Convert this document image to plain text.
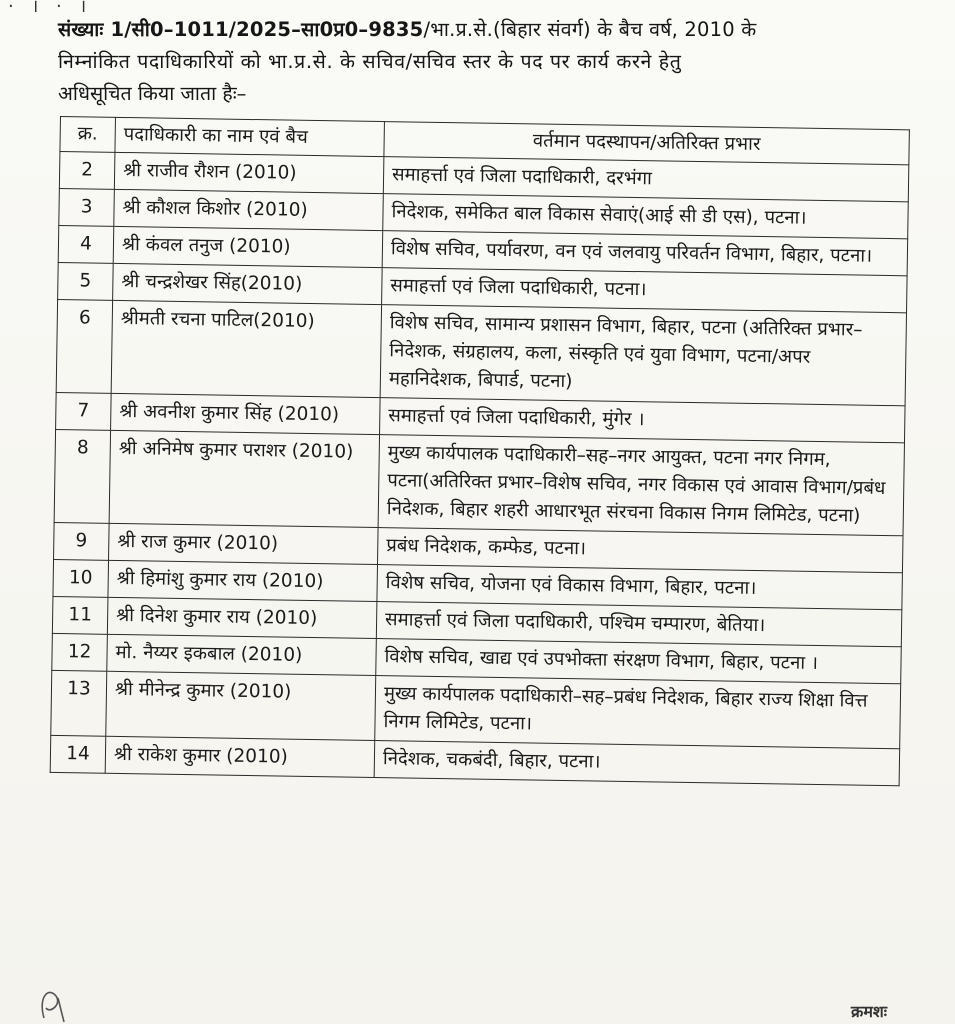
· । · ।
संख्याः 1/सी0–1011/2025–सा0प्र0–9835/भा.प्र.से.(बिहार संवर्ग) के बैच वर्ष, 2010 के
निम्नांकित पदाधिकारियों को भा.प्र.से. के सचिव/सचिव स्तर के पद पर कार्य करने हेतु
अधिसूचित किया जाता हैः–
क्र.	पदाधिकारी का नाम एवं बैच	वर्तमान पदस्थापन/अतिरिक्त प्रभार
2	श्री राजीव रौशन (2010)	समाहर्त्ता एवं जिला पदाधिकारी, दरभंगा
3	श्री कौशल किशोर (2010)	निदेशक, समेकित बाल विकास सेवाएं(आई सी डी एस), पटना।
4	श्री कंवल तनुज (2010)	विशेष सचिव, पर्यावरण, वन एवं जलवायु परिवर्तन विभाग, बिहार, पटना।
5	श्री चन्द्रशेखर सिंह(2010)	समाहर्त्ता एवं जिला पदाधिकारी, पटना।
6	श्रीमती रचना पाटिल(2010)	विशेष सचिव, सामान्य प्रशासन विभाग, बिहार, पटना (अतिरिक्त प्रभार–निदेशक, संग्रहालय, कला, संस्कृति एवं युवा विभाग, पटना/अपर महानिदेशक, बिपार्ड, पटना)
7	श्री अवनीश कुमार सिंह (2010)	समाहर्त्ता एवं जिला पदाधिकारी, मुंगेर ।
8	श्री अनिमेष कुमार पराशर (2010)	मुख्य कार्यपालक पदाधिकारी–सह–नगर आयुक्त, पटना नगर निगम, पटना(अतिरिक्त प्रभार–विशेष सचिव, नगर विकास एवं आवास विभाग/प्रबंध निदेशक, बिहार शहरी आधारभूत संरचना विकास निगम लिमिटेड, पटना)
9	श्री राज कुमार (2010)	प्रबंध निदेशक, कम्फेड, पटना।
10	श्री हिमांशु कुमार राय (2010)	विशेष सचिव, योजना एवं विकास विभाग, बिहार, पटना।
11	श्री दिनेश कुमार राय (2010)	समाहर्त्ता एवं जिला पदाधिकारी, पश्चिम चम्पारण, बेतिया।
12	मो. नैय्यर इकबाल (2010)	विशेष सचिव, खाद्य एवं उपभोक्ता संरक्षण विभाग, बिहार, पटना ।
13	श्री मीनेन्द्र कुमार (2010)	मुख्य कार्यपालक पदाधिकारी–सह–प्रबंध निदेशक, बिहार राज्य शिक्षा वित्त निगम लिमिटेड, पटना।
14	श्री राकेश कुमार (2010)	निदेशक, चकबंदी, बिहार, पटना।
क्रमशः
